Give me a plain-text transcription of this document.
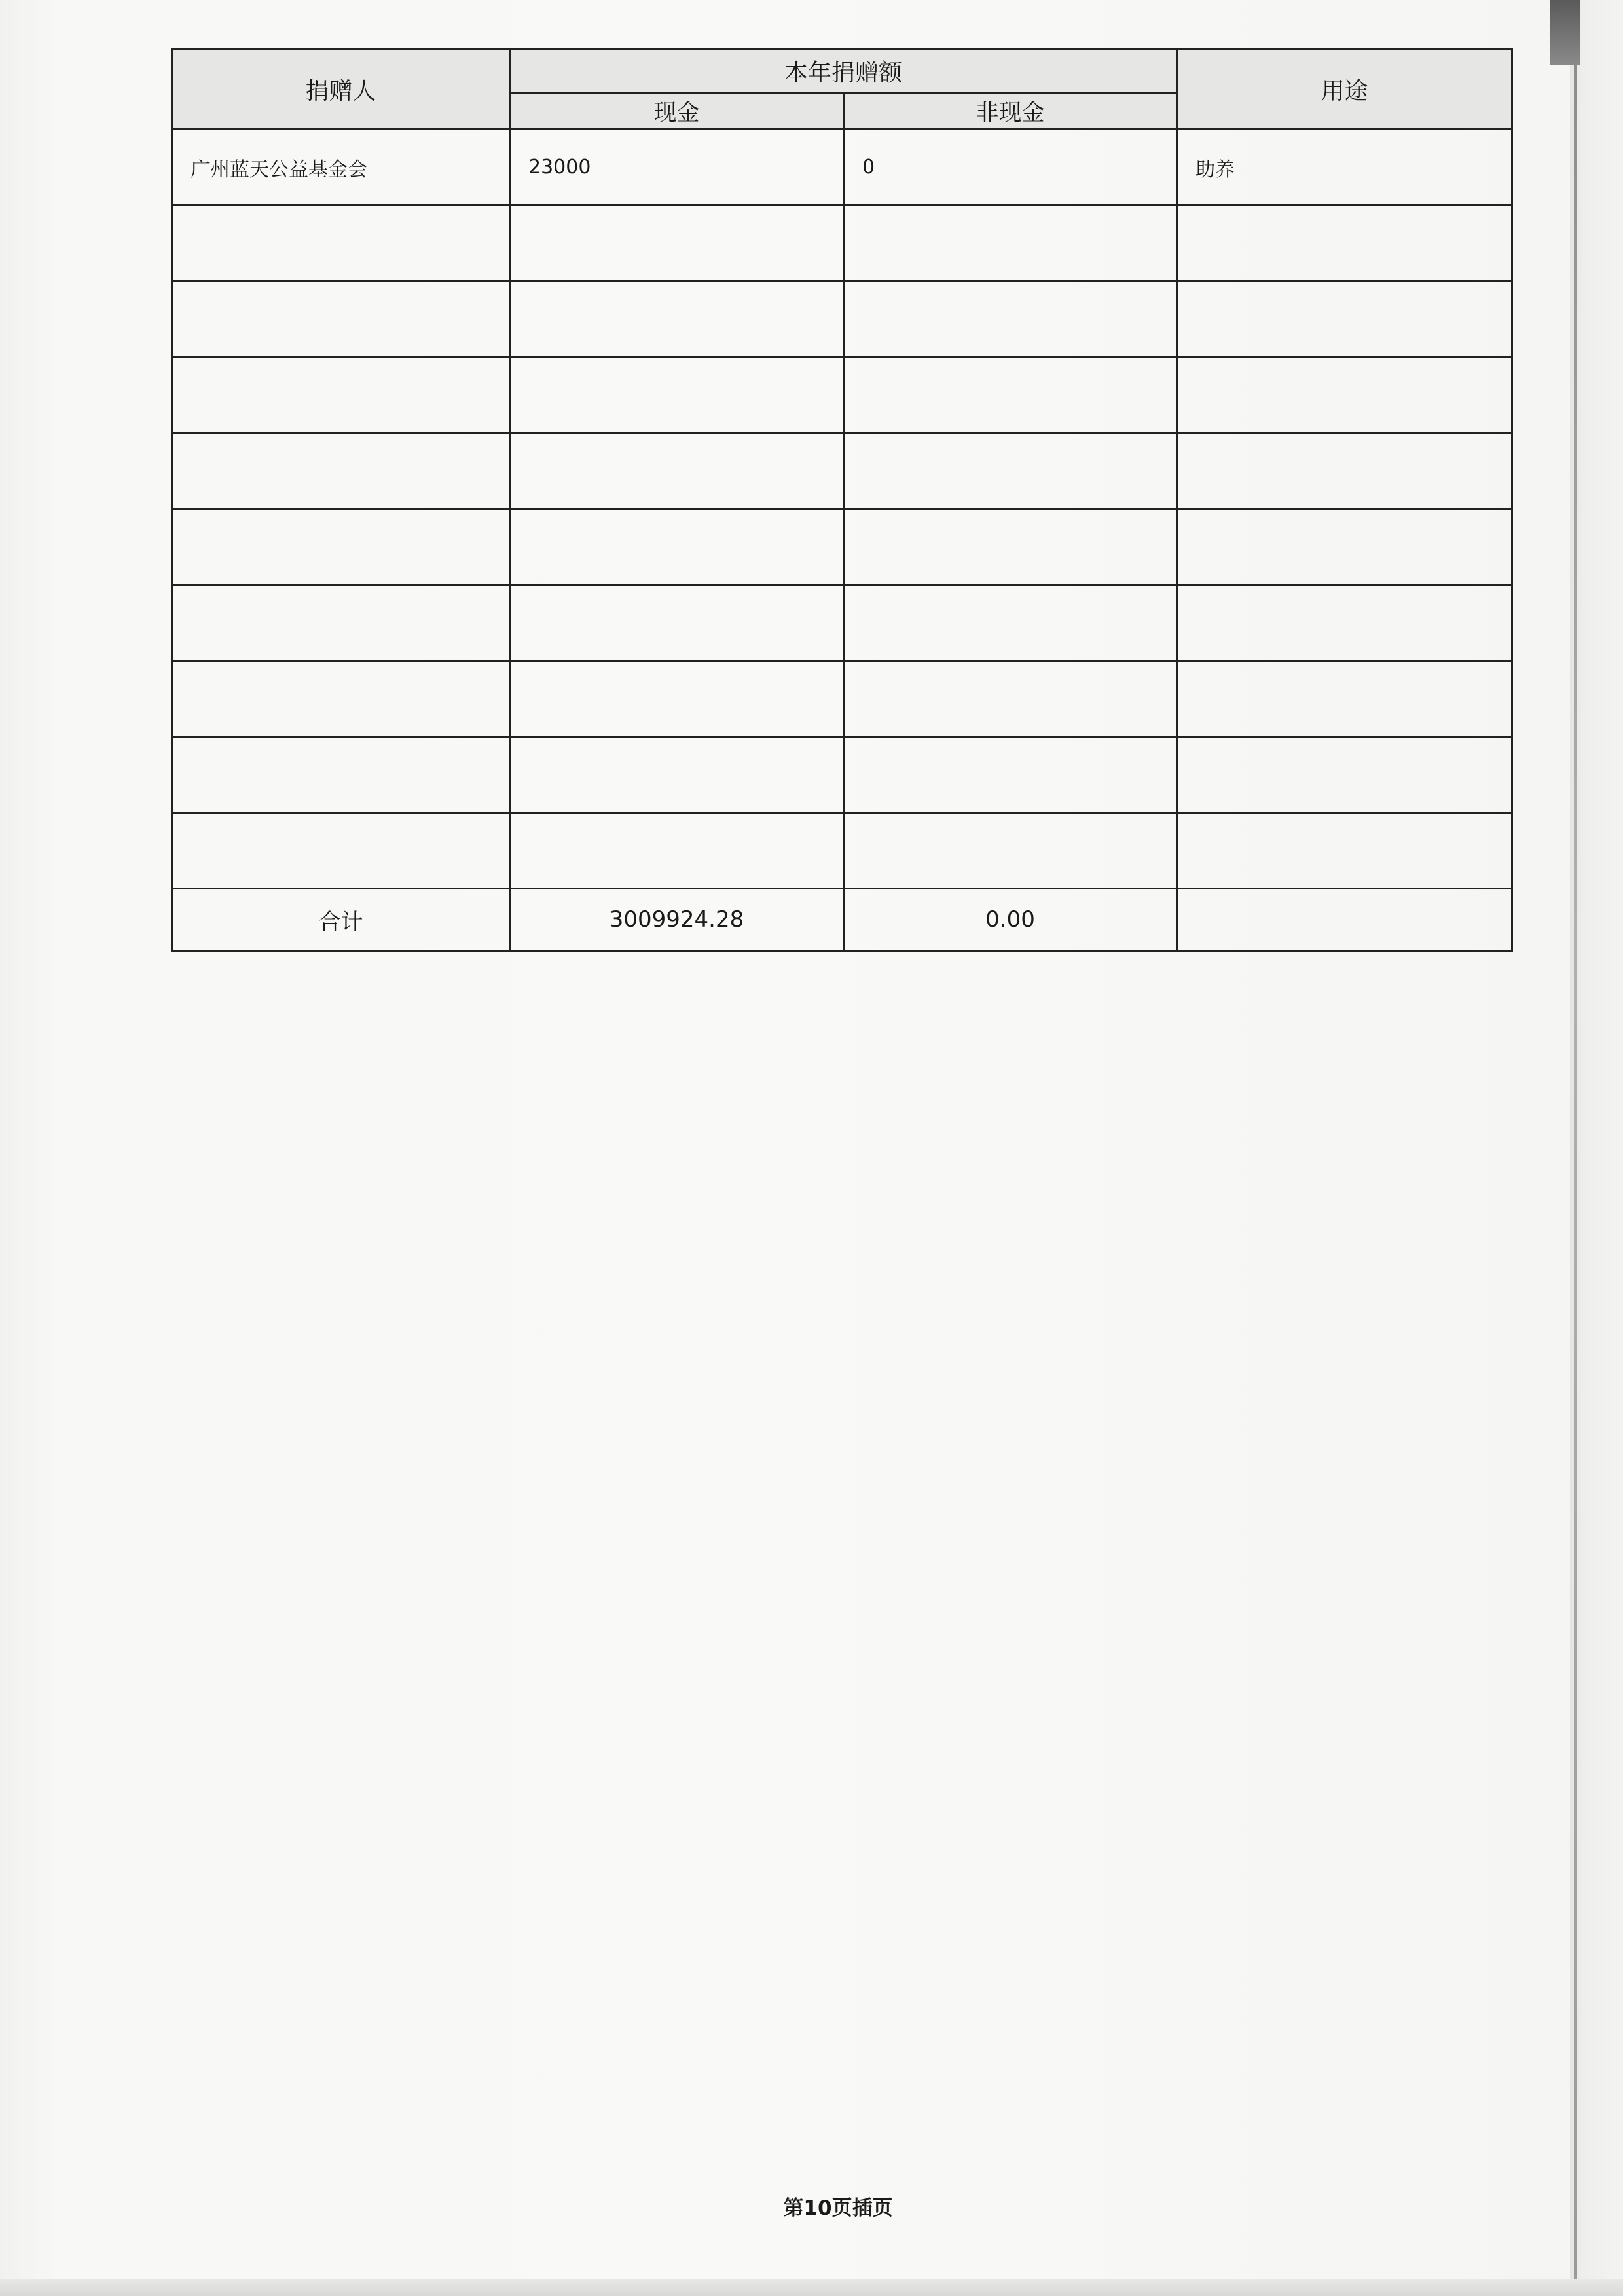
捐赠人	本年捐赠额		用途
	现金	非现金	
广州蓝天公益基金会	23000	0	助养

合计	3009924.28	0.00	
第10页插页
